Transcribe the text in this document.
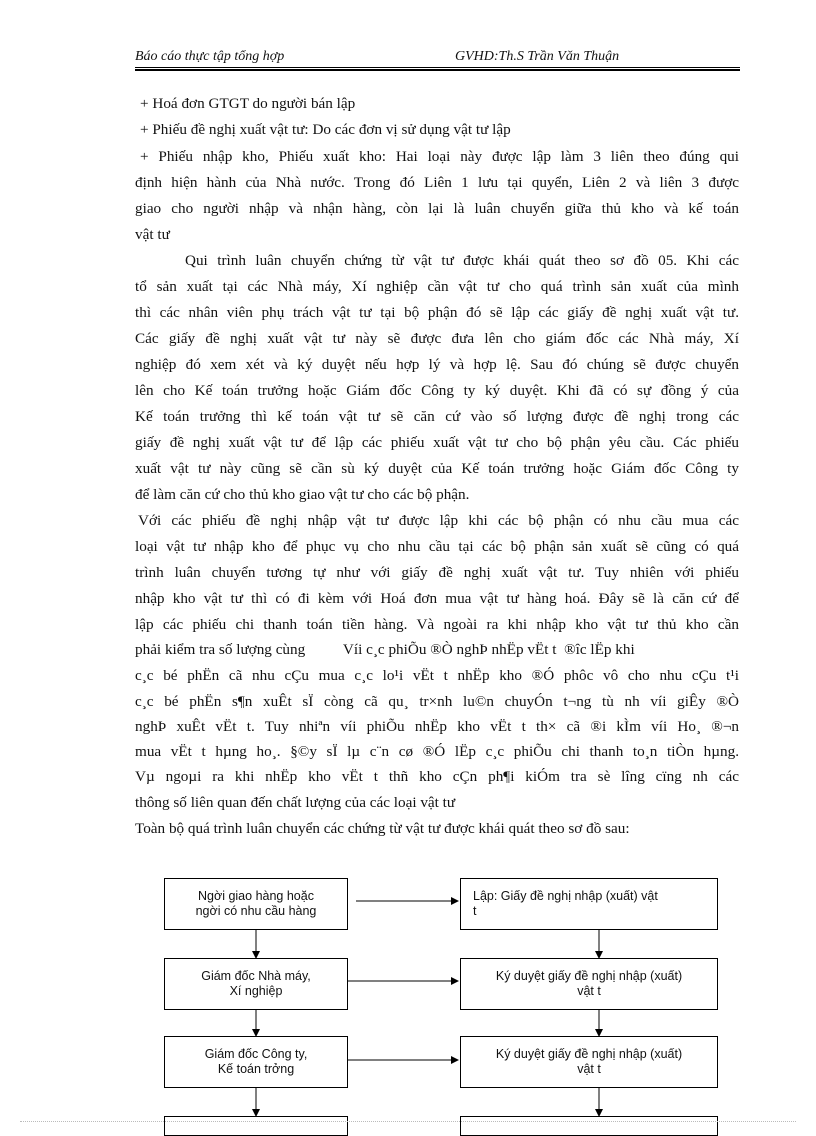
Báo cáo thực tập tổng hợp	GVHD:Th.S Trần Văn Thuận
+ Hoá đơn GTGT do người bán lập
+ Phiếu đề nghị xuất vật tư: Do các đơn vị sử dụng vật tư lập
+ Phiếu nhập kho, Phiếu xuất kho: Hai loại này được lập làm 3 liên theo đúng qui
định hiện hành của Nhà nước. Trong đó Liên 1 lưu tại quyển, Liên 2 và liên 3 được
giao cho người nhập và nhận hàng, còn lại là luân chuyển giữa thủ kho và kế toán
vật tư
Qui trình luân chuyển chứng từ vật tư được khái quát theo sơ đồ 05. Khi các
tổ sản xuất tại các Nhà máy, Xí nghiệp cần vật tư cho quá trình sản xuất của mình
thì các nhân viên phụ trách vật tư tại bộ phận đó sẽ lập các giấy đề nghị xuất vật tư.
Các giấy đề nghị xuất vật tư này sẽ được đưa lên cho giám đốc các Nhà máy, Xí
nghiệp đó xem xét và ký duyệt nếu hợp lý và hợp lệ. Sau đó chúng sẽ được chuyển
lên cho Kế toán trưởng hoặc Giám đốc Công ty ký duyệt. Khi đã có sự đồng ý của
Kế toán trưởng thì kế toán vật tư sẽ căn cứ vào số lượng được đề nghị trong các
giấy đề nghị xuất vật tư để lập các phiếu xuất vật tư cho bộ phận yêu cầu. Các phiếu
xuất vật tư này cũng sẽ cần sù ký duyệt của Kế toán trưởng hoặc Giám đốc Công ty
để làm căn cứ cho thủ kho giao vật tư cho các bộ phận.
Với các phiếu đề nghị nhập vật tư được lập khi các bộ phận có nhu cầu mua các
loại vật tư nhập kho để phục vụ cho nhu cầu tại các bộ phận sản xuất sẽ cũng có quá
trình luân chuyển tương tự như với giấy đề nghị xuất vật tư. Tuy nhiên với phiếu
nhập kho vật tư thì có đi kèm với Hoá đơn mua vật tư hàng hoá. Đây sẽ là căn cứ để
lập các phiếu chi thanh toán tiền hàng. Và ngoài ra khi nhập kho vật tư thủ kho cần
phải kiểm tra số lượng cùng          Víi c¸c phiÕu ®Ò nghÞ nhËp vËt t  ®îc lËp khi
c¸c bé phËn cã nhu cÇu mua c¸c lo¹i vËt t nhËp kho ®Ó phôc vô cho nhu cÇu t¹i
c¸c bé phËn s¶n xuÊt sÏ còng cã qu¸ tr×nh lu©n chuyÓn t¬ng tù nh víi giÊy ®Ò
nghÞ xuÊt vËt t. Tuy nhiªn víi phiÕu nhËp kho vËt t th× cã ®i kÌm víi Ho¸ ®¬n
mua vËt t hµng ho¸. §©y sÏ lµ c¨n cø ®Ó lËp c¸c phiÕu chi thanh to¸n tiÒn hµng.
Vµ ngoµi ra khi nhËp kho vËt t thñ kho cÇn ph¶i kiÓm tra sè lîng cïng nh các
thông số liên quan đến chất lượng của các loại vật tư
Toàn bộ quá trình luân chuyển các chứng từ vật tư được khái quát theo sơ đồ sau:
Ngời giao hàng hoặc
ngời có nhu cầu hàng
Giám đốc Nhà máy,
Xí nghiệp
Giám đốc Công ty,
Kế toán trởng
Lập: Giấy đề nghị nhập (xuất) vật
t
Ký duyệt giấy đề nghị nhập (xuất)
vật t
Ký duyệt giấy đề nghị nhập (xuất)
vật t
